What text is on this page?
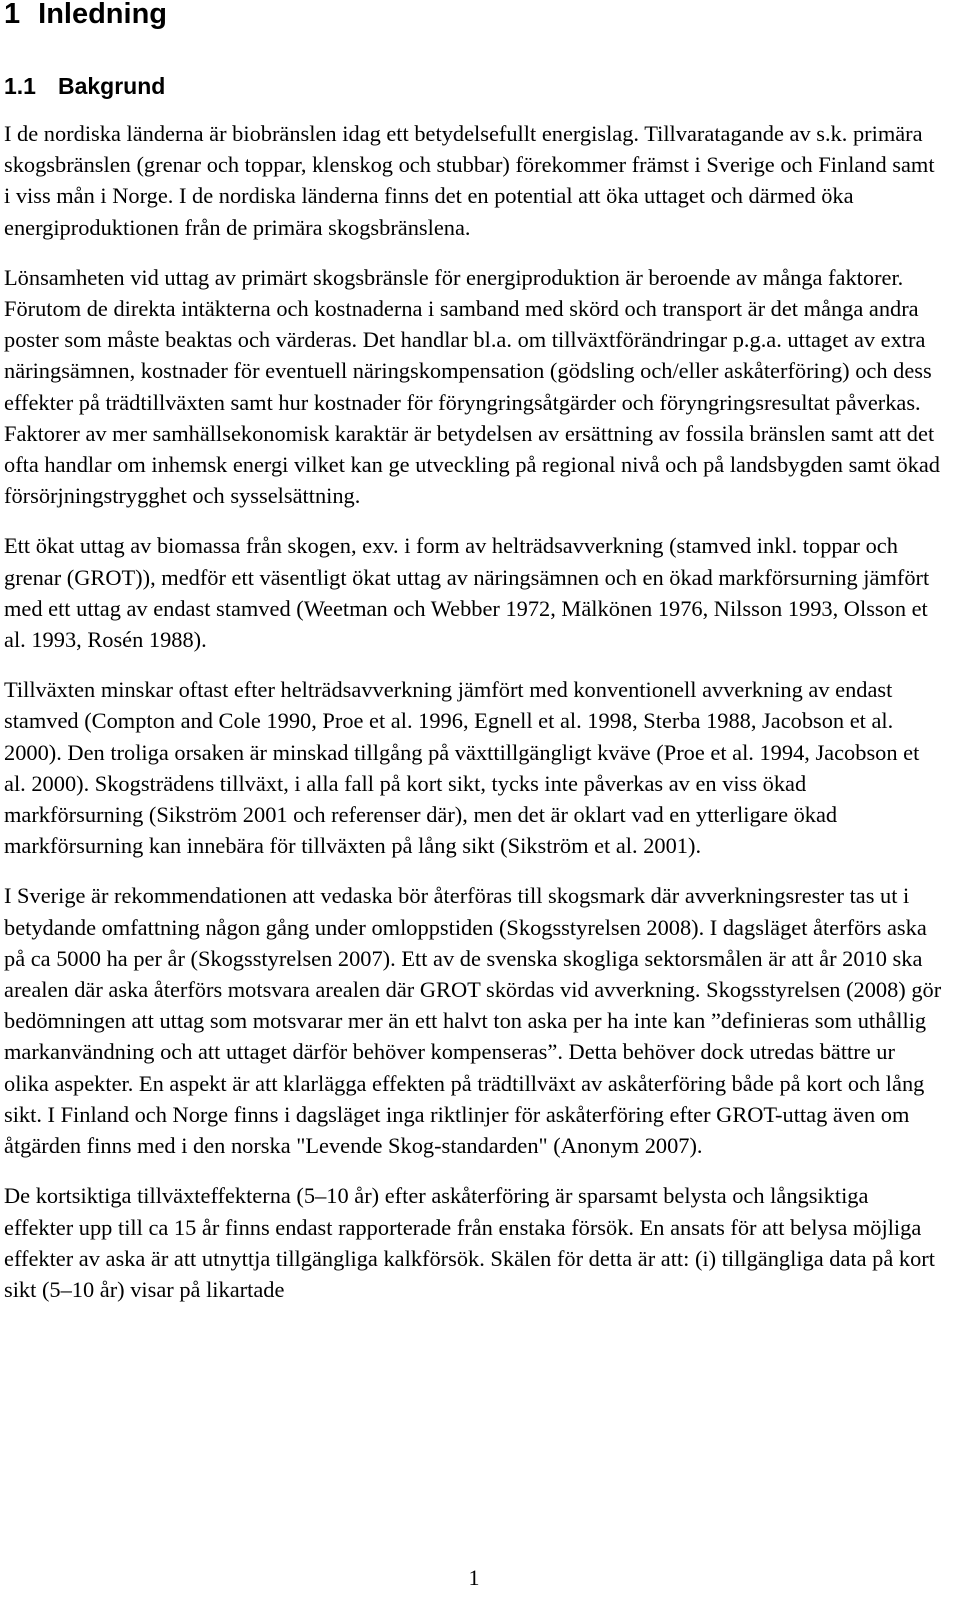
1 Inledning
1.1 Bakgrund

I de nordiska länderna är biobränslen idag ett betydelsefullt energislag. Tillvaratagande av s.k. primära skogsbränslen (grenar och toppar, klenskog och stubbar) förekommer främst i Sverige och Finland samt i viss mån i Norge. I de nordiska länderna finns det en potential att öka uttaget och därmed öka energiproduktionen från de primära skogsbränslena.

Lönsamheten vid uttag av primärt skogsbränsle för energiproduktion är beroende av många faktorer. Förutom de direkta intäkterna och kostnaderna i samband med skörd och transport är det många andra poster som måste beaktas och värderas. Det handlar bl.a. om tillväxtförändringar p.g.a. uttaget av extra näringsämnen, kostnader för eventuell näringskompensation (gödsling och/eller askåterföring) och dess effekter på trädtillväxten samt hur kostnader för föryngringsåtgärder och föryngringsresultat påverkas. Faktorer av mer samhällsekonomisk karaktär är betydelsen av ersättning av fossila bränslen samt att det ofta handlar om inhemsk energi vilket kan ge utveckling på regional nivå och på landsbygden samt ökad försörjningstrygghet och sysselsättning.

Ett ökat uttag av biomassa från skogen, exv. i form av helträdsavverkning (stamved inkl. toppar och grenar (GROT)), medför ett väsentligt ökat uttag av näringsämnen och en ökad markförsurning jämfört med ett uttag av endast stamved (Weetman och Webber 1972, Mälkönen 1976, Nilsson 1993, Olsson et al. 1993, Rosén 1988).

Tillväxten minskar oftast efter helträdsavverkning jämfört med konventionell avverkning av endast stamved (Compton and Cole 1990, Proe et al. 1996, Egnell et al. 1998, Sterba 1988, Jacobson et al. 2000). Den troliga orsaken är minskad tillgång på växttillgängligt kväve (Proe et al. 1994, Jacobson et al. 2000). Skogsträdens tillväxt, i alla fall på kort sikt, tycks inte påverkas av en viss ökad markförsurning (Sikström 2001 och referenser där), men det är oklart vad en ytterligare ökad markförsurning kan innebära för tillväxten på lång sikt (Sikström et al. 2001).

I Sverige är rekommendationen att vedaska bör återföras till skogsmark där avverkningsrester tas ut i betydande omfattning någon gång under omloppstiden (Skogsstyrelsen 2008). I dagsläget återförs aska på ca 5000 ha per år (Skogsstyrelsen 2007). Ett av de svenska skogliga sektorsmålen är att år 2010 ska arealen där aska återförs motsvara arealen där GROT skördas vid avverkning. Skogsstyrelsen (2008) gör bedömningen att uttag som motsvarar mer än ett halvt ton aska per ha inte kan ”definieras som uthållig markanvändning och att uttaget därför behöver kompenseras”. Detta behöver dock utredas bättre ur olika aspekter. En aspekt är att klarlägga effekten på trädtillväxt av askåterföring både på kort och lång sikt. I Finland och Norge finns i dagsläget inga riktlinjer för askåterföring efter GROT-uttag även om åtgärden finns med i den norska "Levende Skog-standarden" (Anonym 2007).

De kortsiktiga tillväxteffekterna (5–10 år) efter askåterföring är sparsamt belysta och långsiktiga effekter upp till ca 15 år finns endast rapporterade från enstaka försök. En ansats för att belysa möjliga effekter av aska är att utnyttja tillgängliga kalkförsök. Skälen för detta är att: (i) tillgängliga data på kort sikt (5–10 år) visar på likartade

1
